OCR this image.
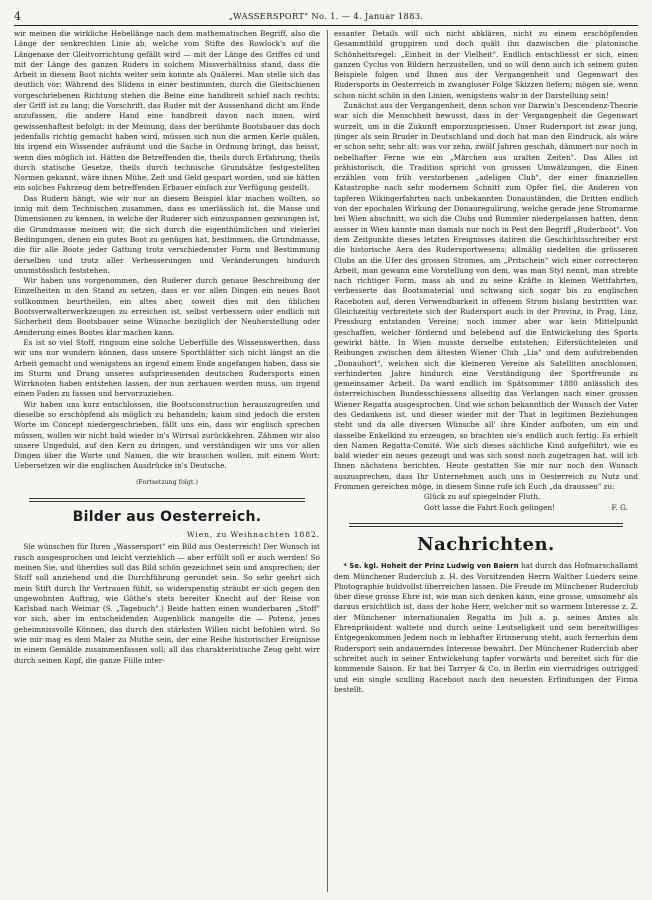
4	„WASSERSPORT" No. 1. — 4. Januar 1883.

wir meinen die wirkliche Hebellänge nach dem mathematischen Begriff, also die Länge der senkrechten Linie ab, welche vom Stifte des Rowlock's auf die Längenaxe der Gleitvorrichtung gefällt wird — mit der Länge des Griffes cd und mit der Länge des ganzen Ruders in solchem Missverhältniss stand, dass die Arbeit in diesem Boot nichts weiter sein konnte als Quälerei. Man stelle sich das deutlich vor: Während des Slidens in einer bestimmten, durch die Gleitschienen vorgeschriebenen Richtung stehen die Beine eine handbreit schief nach rechts; der Griff ist zu lang; die Vorschrift, das Ruder mit der Aussenhand dicht am Ende anzufassen, die andere Hand eine handbreit davon nach innen, wird gewissenhaftest befolgt: in der Meinung, dass der berühmte Bootsbauer das doch jedenfalls richtig gemacht haben wird, müssen sich nun die armen Kerle quälen, bis irgend ein Wissender aufräumt und die Sache in Ordnung bringt, das heisst, wenn dies möglich ist. Hätten die Betreffenden die, theils durch Erfahrung, theils durch statische Gesetze, theils durch technische Grundsätze festgestellten Normen gekannt, wäre ihnen Mühe, Zeit und Geld gespart worden, und sie hätten ein solches Fahrzeug dem betreffenden Erbauer einfach zur Verfügung gestellt.

Das Rudern hängt, wie wir nur an diesem Beispiel klar machen wollten, so innig mit dem Technischen zusammen, dass es unerlässlich ist, die Masse und Dimensionen zu kennen, in welche der Ruderer sich einzuspannen gezwungen ist, die Grundmasse meinen wir, die sich durch die eigenthümlichen und vielerlei Bedingungen, denen ein gutes Boot zu genügen hat, bestimmen, die Grundmasse, die für alle Boote jeder Gattung trotz verschiedenster Form und Bestimmung derselben und trotz aller Verbesserungen und Veränderungen hindurch unumstösslich feststehen.

Wir haben uns vorgenommen, den Ruderer durch genaue Beschreibung der Einzelheiten in den Stand zu setzen, dass er vor allen Dingen ein neues Boot vollkommen beurtheilen, ein altes aber, soweit dies mit den üblichen Bootsverwalterwerkzeugen zu erreichen ist, selbst verbessern oder endlich mit Sicherheit dem Bootsbauer seine Wünsche bezüglich der Neuherstellung oder Aenderung eines Bootes klar machen kann.

Es ist so viel Stoff, ringsum eine solche Ueberfülle des Wissenswerthen, dass wir uns nur wundern können, dass unsere Sportblätter sich nicht längst an die Arbeit gemacht und wenigstens an irgend einem Ende angefangen haben, dass sie im Sturm und Drang unseres aufspriessenden deutschen Rudersports einen Wirrknoten haben entstehen lassen, der nun zerhauen werden muss, um irgend einen Faden zu fassen und hervorzuziehen.

Wir haben uns kurz entschlossen, die Bootsconstruction herauszugreifen und dieselbe so erschöpfend als möglich zu behandeln; kaum sind jedoch die ersten Worte im Concept niedergeschrieben, fällt uns ein, dass wir englisch sprechen müssen, wollen wir nicht bald wieder in's Wirrsal zurückkehren. Zähmen wir also unsere Ungeduld, auf den Kern zu dringen, und verständigen wir uns vor allen Dingen über die Worte und Namen, die wir brauchen wollen, mit einem Wort: Uebersetzen wir die englischen Ausdrücke in's Deutsche.

(Fortsetzung folgt.)
Bilder aus Oesterreich.
Wien, zu Weihnachten 1882.

Sie wünschen für Ihren „Wassersport" ein Bild aus Oesterreich! Der Wunsch ist rasch ausgesprochen und leicht verziehlich — aber erfüllt soll er auch werden! So meinen Sie, und überdies soll das Bild schön gezeichnet sein und ansprechen; der Stoff soll anziehend und die Durchführung gerundet sein. So sehr geehrt sich mein Stift durch Ihr Vertrauen fühlt, so widerspenstig sträubt er sich gegen den ungewohnten Auftrag, wie Göthe's stets bereiter Knecht auf der Reise von Karlsbad nach Weimar (S. „Tagebuch".) Beide hatten einen wunderbaren „Stoff" vor sich, aber im entscheidenden Augenblick mangelte die — Potenz, jenes geheimnissvolle Können, das durch den stärksten Willen nicht befohlen wird. So wie mir mag es dem Maler zu Muthe sein, der eine Reihe historischer Ereignisse in einem Gemälde zusammenfassen soll; all das charakteristische Zeug geht wirr durch seinen Kopf, die ganze Fülle inter-

essanter Details will sich nicht abklären, nicht zu einem erschöpfenden Gesammtbild gruppiren und doch quält ihn dazwischen die platonische Schönheitsregel: „Einheit in der Vielheit". Endlich entschliesst er sich, einen ganzen Cyclus von Bildern herzustellen, und so will denn auch ich seinem guten Beispiele folgen und Ihnen aus der Vergangenheit und Gegenwart des Rudersports in Oesterreich in zwangloser Folge Skizzen liefern; mögen sie, wenn schon nicht schön in den Linien, wenigstens wahr in der Darstellung sein!

Zunächst aus der Vergangenheit, denn schon vor Darwin's Descendenz-Theorie war sich die Menschheit bewusst, dass in der Vergangenheit die Gegenwart wurzelt, um in die Zukunft emporzuspriessen. Unser Rudersport ist zwar jung, jünger als sein Bruder in Deutschland und doch hat man den Eindruck, als wäre er schon sehr, sehr alt: was vor zehn, zwölf Jahren geschah, dämmert nur noch in nebelhafter Ferne wie ein „Märchen aus uralten Zeiten". Das Alles ist prähistorisch, die Tradition spricht von grossen Umwälzungen, die Einen erzählen vom früh verstorbenen „adeligen Club", der einer finanziellen Katastrophe nach sehr modernem Schnitt zum Opfer fiel, die Anderen von tapferen Wikingerfahrten nach unbekannten Donauständen, die Dritten endlich von der epochalen Wirkung der Donauregulirung, welche gerade jene Stromarme bei Wien abschnitt, wo sich die Clubs und Bummler niedergelassen hatten, denn ausser in Wien kannte man damals nur noch in Pest den Begriff „Ruderboot". Von dem Zeitpunkte dieses letzten Ereignisses datiren die Geschichtsschreiber erst die historische Aera des Rudersportwesens; allmälig siedelten die grösseren Clubs an die Ufer des grossen Stromes, am „Pritschein" wich einer correcteren Arbeit, man gewann eine Vorstellung von dem, was man Styl nennt, man strebte nach richtiger Form, mass ab und zu seine Kräfte in kleinen Wettfahrten, verbesserte das Bootsmaterial und schwang sich sogar bis zu englischen Raceboten auf, deren Verwendbarkeit in offenem Strom bislang bestritten war. Gleichzeitig verbreitete sich der Rudersport auch in der Provinz, in Prag, Linz, Pressburg entstanden Vereine; noch immer aber war kein Mittelpunkt geschaffen, welcher fördernd und belebend auf die Entwickelung des Sports gewirkt hätte. In Wien musste derselbe entstehen; Eifersüchteleien und Reibungen zwischen dem ältesten Wiener Club „Lia" und dem aufstrebenden „Donauhort", welchen sich die kleineren Vereine als Satelliten anschlossen, verhinderten Jahre hindurch eine Verständigung der Sportfreunde zu gemeinsamer Arbeit. Da ward endlich im Spätsommer 1880 anlässlich des österreichischen Bundesschiessens allseitig das Verlangen nach einer grossen Wiener Regatta ausgesprochen. Und wie schon bekanntlich der Wunsch der Vater des Gedankens ist, und dieser wieder mit der That in legitimen Beziehungen steht und da alle diversen Wünsche all' ihre Kinder aufboten, um ein und dasselbe Enkelkind zu erzeugen, so brachten sie's endlich auch fertig. Es erhielt den Namen Regatta-Comité. Wie sich dieses sächliche Kind aufgeführt, wie es bald wieder ein neues gezeugt und was sich sonst noch zugetragen hat, will ich Ihnen nächstens berichten. Heute gestatten Sie mir nur noch den Wunsch auszusprechen, dass Ihr Unternehmen auch uns in Oesterreich zu Nutz und Frommen gereichen möge, in diesem Sinne rufe ich Euch „da draussen" zu:

Glück zu auf spiegelnder Fluth,
Gott lasse die Fahrt Euch gelingen!	F. G.
Nachrichten.

* Se. kgl. Hoheit der Prinz Ludwig von Baiern hat durch das Hofmarschallamt dem Münchener Ruderclub z. H. des Vorsitzenden Herrn Walther Lueders seine Photographie huldvollst überreichen lassen. Die Freude im Münchener Ruderclub über diese grosse Ehre ist, wie man sich denken kann, eine grosse, umsomehr als daraus ersichtlich ist, dass der hohe Herr, welcher mit so warmem Interesse z. Z. der Münchener internationalen Regatta im Juli a. p. seines Amtes als Ehrenpräsident waltete und durch seine Leutseligkeit und sein bereitwilliges Entgegenkommen Jedem noch in lebhafter Erinnerung steht, auch fernerhin dem Rudersport sein andauerndes Interesse bewahrt. Der Münchener Ruderclub aber schreitet auch in seiner Entwickelung tapfer vorwärts und bereitet sich für die kommende Saison. Er hat bei Tarryer & Co. in Berlin ein vierrudriges outrigged und ein single sculling Raceboot nach den neuesten Erfindungen der Firma bestellt.
